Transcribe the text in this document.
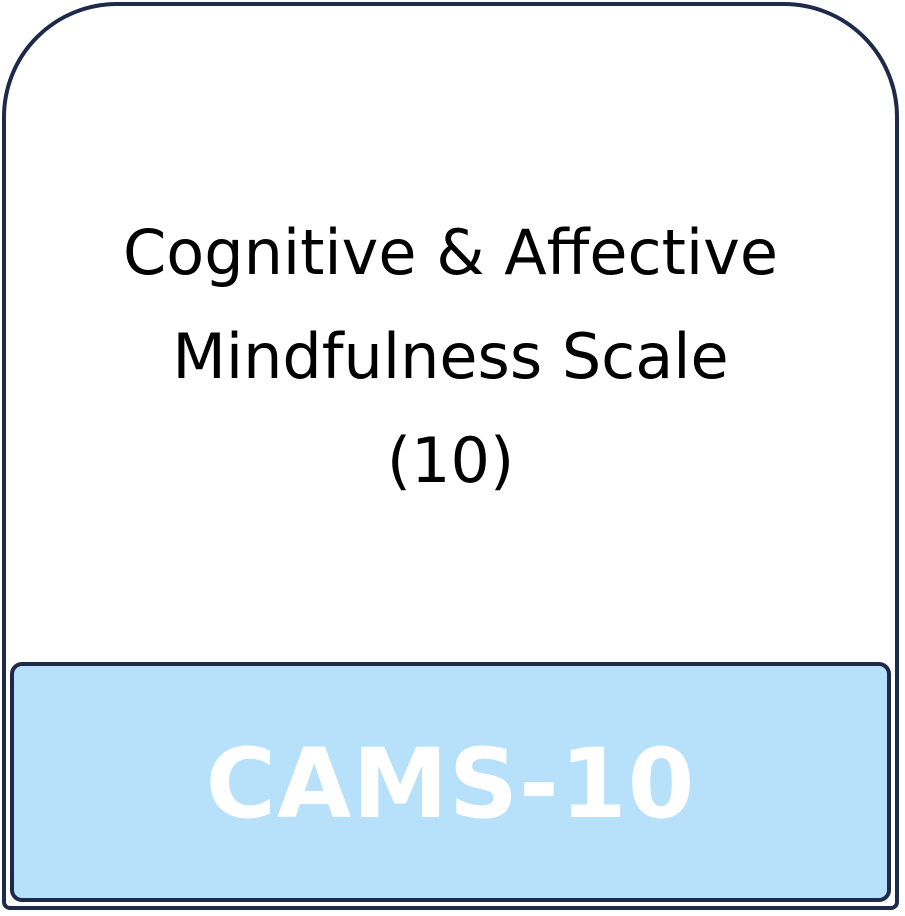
Cognitive & Affective
Mindfulness Scale
(10)
CAMS-10
